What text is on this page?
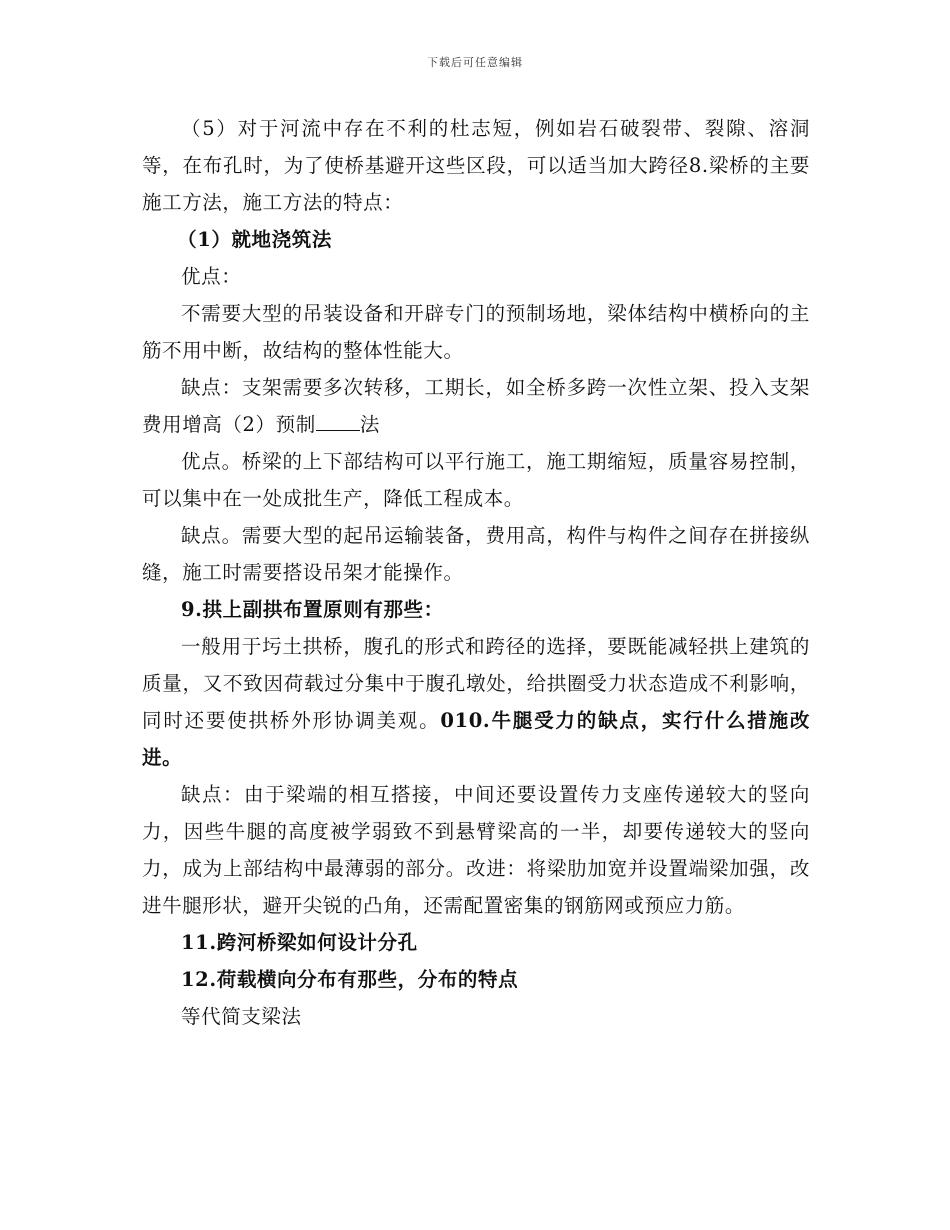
下载后可任意编辑

（5）对于河流中存在不利的杜志短，例如岩石破裂带、裂隙、溶洞等，在布孔时，为了使桥基避开这些区段，可以适当加大跨径8.梁桥的主要施工方法，施工方法的特点：

（1）就地浇筑法

优点：

不需要大型的吊装设备和开辟专门的预制场地，梁体结构中横桥向的主筋不用中断，故结构的整体性能大。

缺点：支架需要多次转移，工期长，如全桥多跨一次性立架、投入支架费用增高（2）预制 法

优点。桥梁的上下部结构可以平行施工，施工期缩短，质量容易控制，可以集中在一处成批生产，降低工程成本。

缺点。需要大型的起吊运输装备，费用高，构件与构件之间存在拼接纵缝，施工时需要搭设吊架才能操作。

9.拱上副拱布置原则有那些：

一般用于圬土拱桥，腹孔的形式和跨径的选择，要既能减轻拱上建筑的质量，又不致因荷载过分集中于腹孔墩处，给拱圈受力状态造成不利影响，同时还要使拱桥外形协调美观。010.牛腿受力的缺点，实行什么措施改进。

缺点：由于梁端的相互搭接，中间还要设置传力支座传递较大的竖向力，因些牛腿的高度被学弱致不到悬臂梁高的一半，却要传递较大的竖向力，成为上部结构中最薄弱的部分。改进：将梁肋加宽并设置端梁加强，改进牛腿形状，避开尖锐的凸角，还需配置密集的钢筋网或预应力筋。

11.跨河桥梁如何设计分孔

12.荷载横向分布有那些，分布的特点

等代简支梁法
